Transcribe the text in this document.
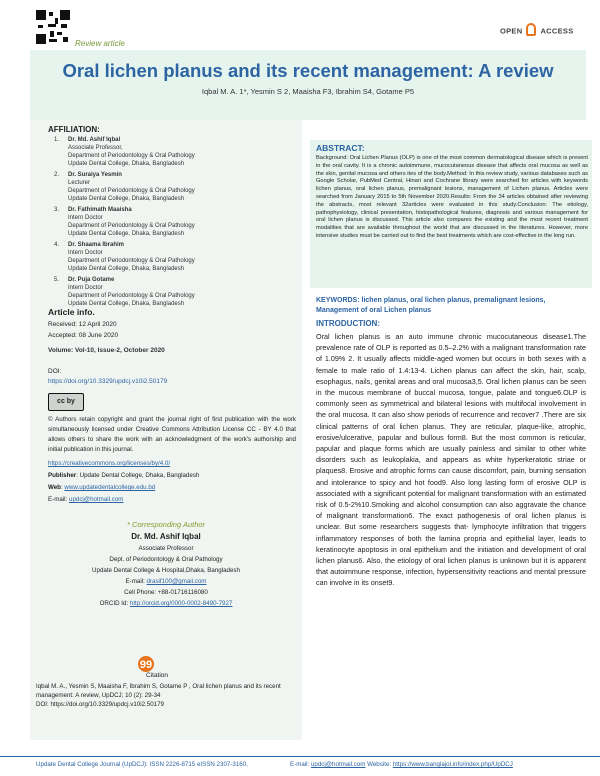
Review article
OPEN ACCESS
Oral lichen planus and its recent management: A review
Iqbal M. A. 1*, Yesmin S 2, Maaisha F3, Ibrahim S4, Gotame P5
AFFILIATION:
1. Dr. Md. Ashif Iqbal
Associate Professor,
Department of Periodontology & Oral Pathology
Update Dental College, Dhaka, Bangladesh
2. Dr. Suraiya Yesmin
Lecturer
Department of Periodontology & Oral Pathology
Update Dental College, Dhaka, Bangladesh
3. Dr. Fathimath Maaisha
Intern Doctor
Department of Periodontology & Oral Pathology
Update Dental College, Dhaka, Bangladesh
4. Dr. Shaama Ibrahim
Intern Doctor
Department of Periodontology & Oral Pathology
Update Dental College, Dhaka, Bangladesh
5. Dr. Puja Gotame
Intern Doctor
Department of Periodontology & Oral Pathology
Update Dental College, Dhaka, Bangladesh
Article info.
Received: 12 April 2020
Accepted: 08 June 2020
Volume: Vol-10, Issue-2, October 2020
DOI:
https://doi.org/10.3329/updcj.v10i2.50179
cc by
© Authors retain copyright and grant the journal right of first publication with the work simultaneously licensed under Creative Commons Attribution License CC - BY 4.0 that allows others to share the work with an acknowledgment of the work's authorship and initial publication in this journal.
https://creativecommons.org/licenses/by/4.0/
Publisher: Update Dental College, Dhaka, Bangladesh
Web: www.updatedentalcollege.edu.bd
E-mail: updcj@hotmail.com
* Corresponding Author
Dr. Md. Ashif Iqbal
Associate Professor
Dept. of Periodontology & Oral Pathology
Update Dental College & Hospital,Dhaka, Bangladesh
E-mail: drasif100@gmail.com
Cell Phone: +88-01716116080
ORCID Id: http://orcid.org/0000-0002-8490-7927
99
Citation
Iqbal M. A., Yesmin S, Maaisha F, Ibrahim S, Gotame P , Oral lichen planus and its recent management: A review, UpDCJ; 10 (2): 29-34
DOI: https://doi.org/10.3329/updcj.v10i2.50179
ABSTRACT:
Background: Oral Lichen Planus (OLP) is one of the most common dermatological disease which is present in the oral cavity. It is a chronic autoimmune, mucocutaneous disease that affects oral mucosa as well as the skin, genital mucosa and others ites of the body.Method: In this review study, various databases such as Google Scholar, PubMed Central, Hinari and Cochrane library were searched for articles with keywords lichen planus, oral lichen planus, premalignant lesions, management of Lichen planus. Articles were searched from January 2015 to 5th November 2020.Results: From the 34 articles obtained after reviewing the abstracts, most relevant 32articles were evaluated in this study.Conclusion: The etiology, pathophysiology, clinical presentation, histopathological features, diagnosis and various management for oral lichen planus is discussed. This article also compares the existing and the most recent treatment modalities that are available throughout the world that are discussed in the literatures. However, more intensive studies must be carried out to find the best treatments which are cost-effective in the long run.
KEYWORDS: lichen planus, oral lichen planus, premalignant lesions, Management of oral Lichen planus
INTRODUCTION:
Oral lichen planus is an auto immune chronic mucocutaneous disease1.The prevalence rate of OLP is reported as 0.5–2.2% with a malignant transformation rate of 1.09% 2. It usually affects middle-aged women but occurs in both sexes with a female to male ratio of 1.4:13-4. Lichen planus can affect the skin, hair, scalp, esophagus, nails, genital areas and oral mucosa3,5. Oral lichen planus can be seen in the mucous membrane of buccal mucosa, tongue, palate and tongue6.OLP is commonly seen as symmetrical and bilateral lesions with multifocal involvement in the oral mucosa. It can also show periods of recurrence and recover7 .There are six clinical patterns of oral lichen planus. They are reticular, plaque-like, atrophic, erosive/ulcerative, papular and bullous form8. But the most common is reticular, papular and plaque forms which are usually painless and similar to other white disorders such as leukoplakia, and appears as white hyperkeratotic striae or plaques8. Erosive and atrophic forms can cause discomfort, pain, burning sensation and intolerance to spicy and hot food9. Also long lasting form of erosive OLP is associated with a significant potential for malignant transformation with an estimated risk of 0.5-2%10.Smoking and alcohol consumption can also aggravate the chance of malignant transformation6. The exact pathogenesis of oral lichen planus is unclear. But some researchers suggests that- lymphocyte infiltration that triggers inflammatory responses of both the lamina propria and epithelial layer, leads to keratinocyte apoptosis in oral epithelium and the initiation and development of oral lichen planus6. Also, the etiology of oral lichen planus is unknown but it is apparent that autoimmune response, infection, hypersensitivity reactions and mental pressure can involve in its onset9.
Update Dental College Journal (UpDCJ): ISSN 2226-8715 eISSN 2307-3160,	E-mail: updcj@hotmail.com Website: https://www.banglajol.info/index.php/UpDCJ
